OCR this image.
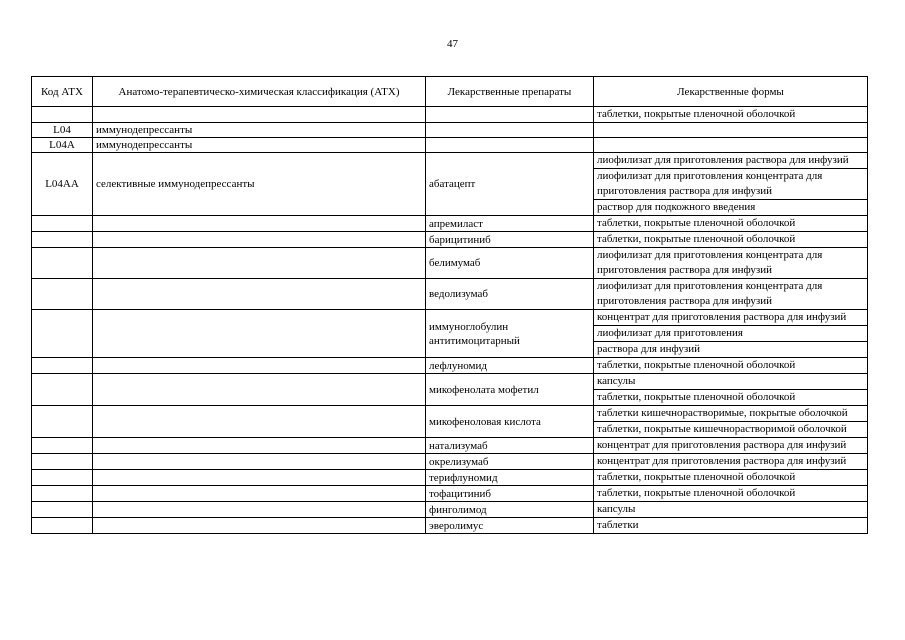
47
Код АТХ	Анатомо-терапевтическо-химическая классификация (АТХ)	Лекарственные препараты	Лекарственные формы
			таблетки, покрытые пленочной оболочкой
L04	иммунодепрессанты		
L04A	иммунодепрессанты		
L04AA	селективные иммунодепрессанты	абатацепт	лиофилизат для приготовления раствора для инфузий
			лиофилизат для приготовления концентрата для приготовления раствора для инфузий
			раствор для подкожного введения
		апремиласт	таблетки, покрытые пленочной оболочкой
		барицитиниб	таблетки, покрытые пленочной оболочкой
		белимумаб	лиофилизат для приготовления концентрата для приготовления раствора для инфузий
		ведолизумаб	лиофилизат для приготовления концентрата для приготовления раствора для инфузий
		иммуноглобулин антитимоцитарный	концентрат для приготовления раствора для инфузий
			лиофилизат для приготовления
			раствора для инфузий
		лефлуномид	таблетки, покрытые пленочной оболочкой
		микофенолата мофетил	капсулы
			таблетки, покрытые пленочной оболочкой
		микофеноловая кислота	таблетки кишечнорастворимые, покрытые оболочкой
			таблетки, покрытые кишечнорастворимой оболочкой
		натализумаб	концентрат для приготовления раствора для инфузий
		окрелизумаб	концентрат для приготовления раствора для инфузий
		терифлуномид	таблетки, покрытые пленочной оболочкой
		тофацитиниб	таблетки, покрытые пленочной оболочкой
		финголимод	капсулы
		эверолимус	таблетки
